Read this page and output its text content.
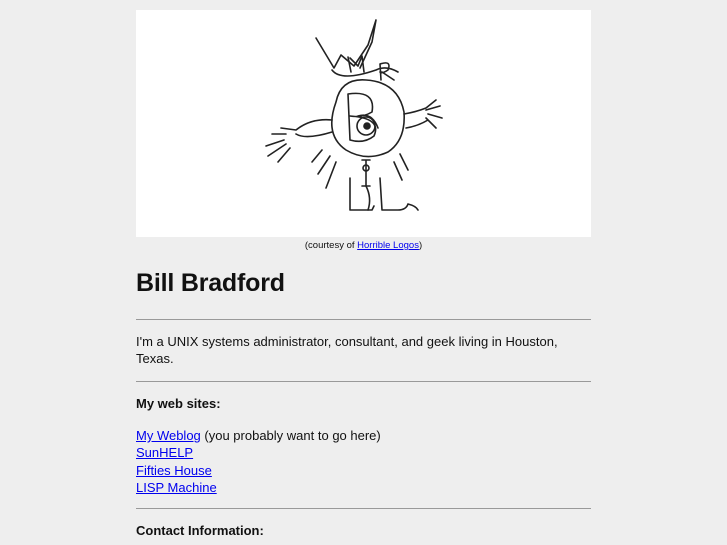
(courtesy of Horrible Logos)
Bill Bradford
I'm a UNIX systems administrator, consultant, and geek living in Houston, Texas.
My web sites:
My Weblog (you probably want to go here)
SunHELP
Fifties House
LISP Machine
Contact Information:
